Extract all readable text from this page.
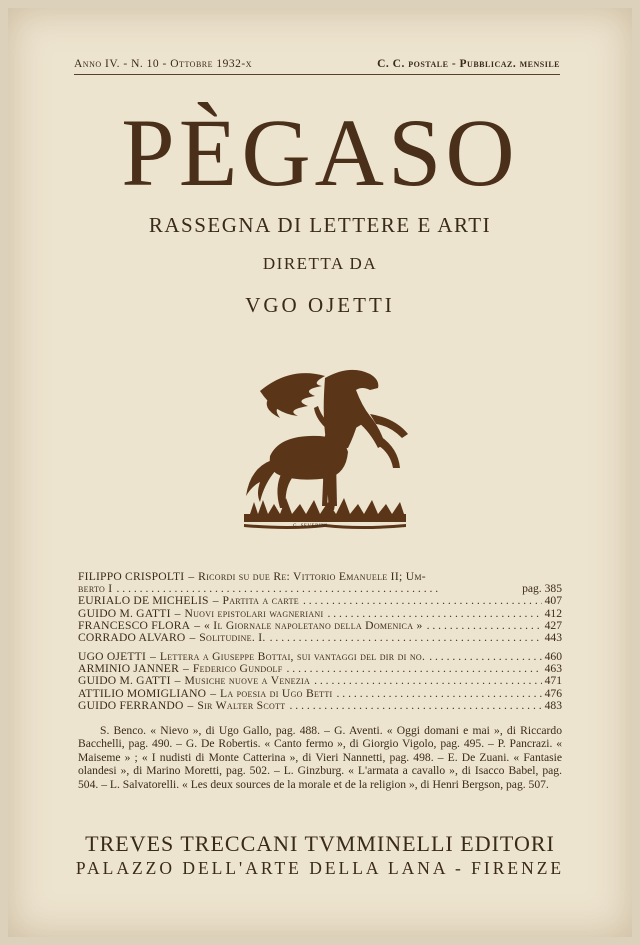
Anno IV. - N. 10 - Ottobre 1932-x	C. C. postale - Pubblicaz. mensile
PÈGASO
RASSEGNA DI LETTERE E ARTI
DIRETTA DA
VGO OJETTI
G. SEVERINI
FILIPPO CRISPOLTI – Ricordi su due Re: Vittorio Emanuele II; Um-
berto I . . .	pag. 385
EURIALO DE MICHELIS – Partita a carte . . .	407
GUIDO M. GATTI – Nuovi epistolari wagneriani . . .	412
FRANCESCO FLORA – « Il Giornale napoletano della Domenica » . . .	427
CORRADO ALVARO – Solitudine. I. . . .	443
UGO OJETTI – Lettera a Giuseppe Bottai, sui vantaggi del dir di no. . . .	460
ARMINIO JANNER – Federico Gundolf . . .	463
GUIDO M. GATTI – Musiche nuove a Venezia . . .	471
ATTILIO MOMIGLIANO – La poesia di Ugo Betti . . .	476
GUIDO FERRANDO – Sir Walter Scott . . .	483
S. Benco. « Nievo », di Ugo Gallo, pag. 488. – G. Aventi. « Oggi domani e mai », di Riccardo Bacchelli, pag. 490. – G. De Robertis. « Canto fermo », di Giorgio Vigolo, pag. 495. – P. Pancrazi. « Maiseme » ; « I nudisti di Monte Catterina », di Vieri Nannetti, pag. 498. – E. De Zuani. « Fantasie olandesi », di Marino Moretti, pag. 502. – L. Ginzburg. « L'armata a cavallo », di Isacco Babel, pag. 504. – L. Salvatorelli. « Les deux sources de la morale et de la religion », di Henri Bergson, pag. 507.
TREVES TRECCANI TVMMINELLI EDITORI
PALAZZO DELL'ARTE DELLA LANA - FIRENZE
